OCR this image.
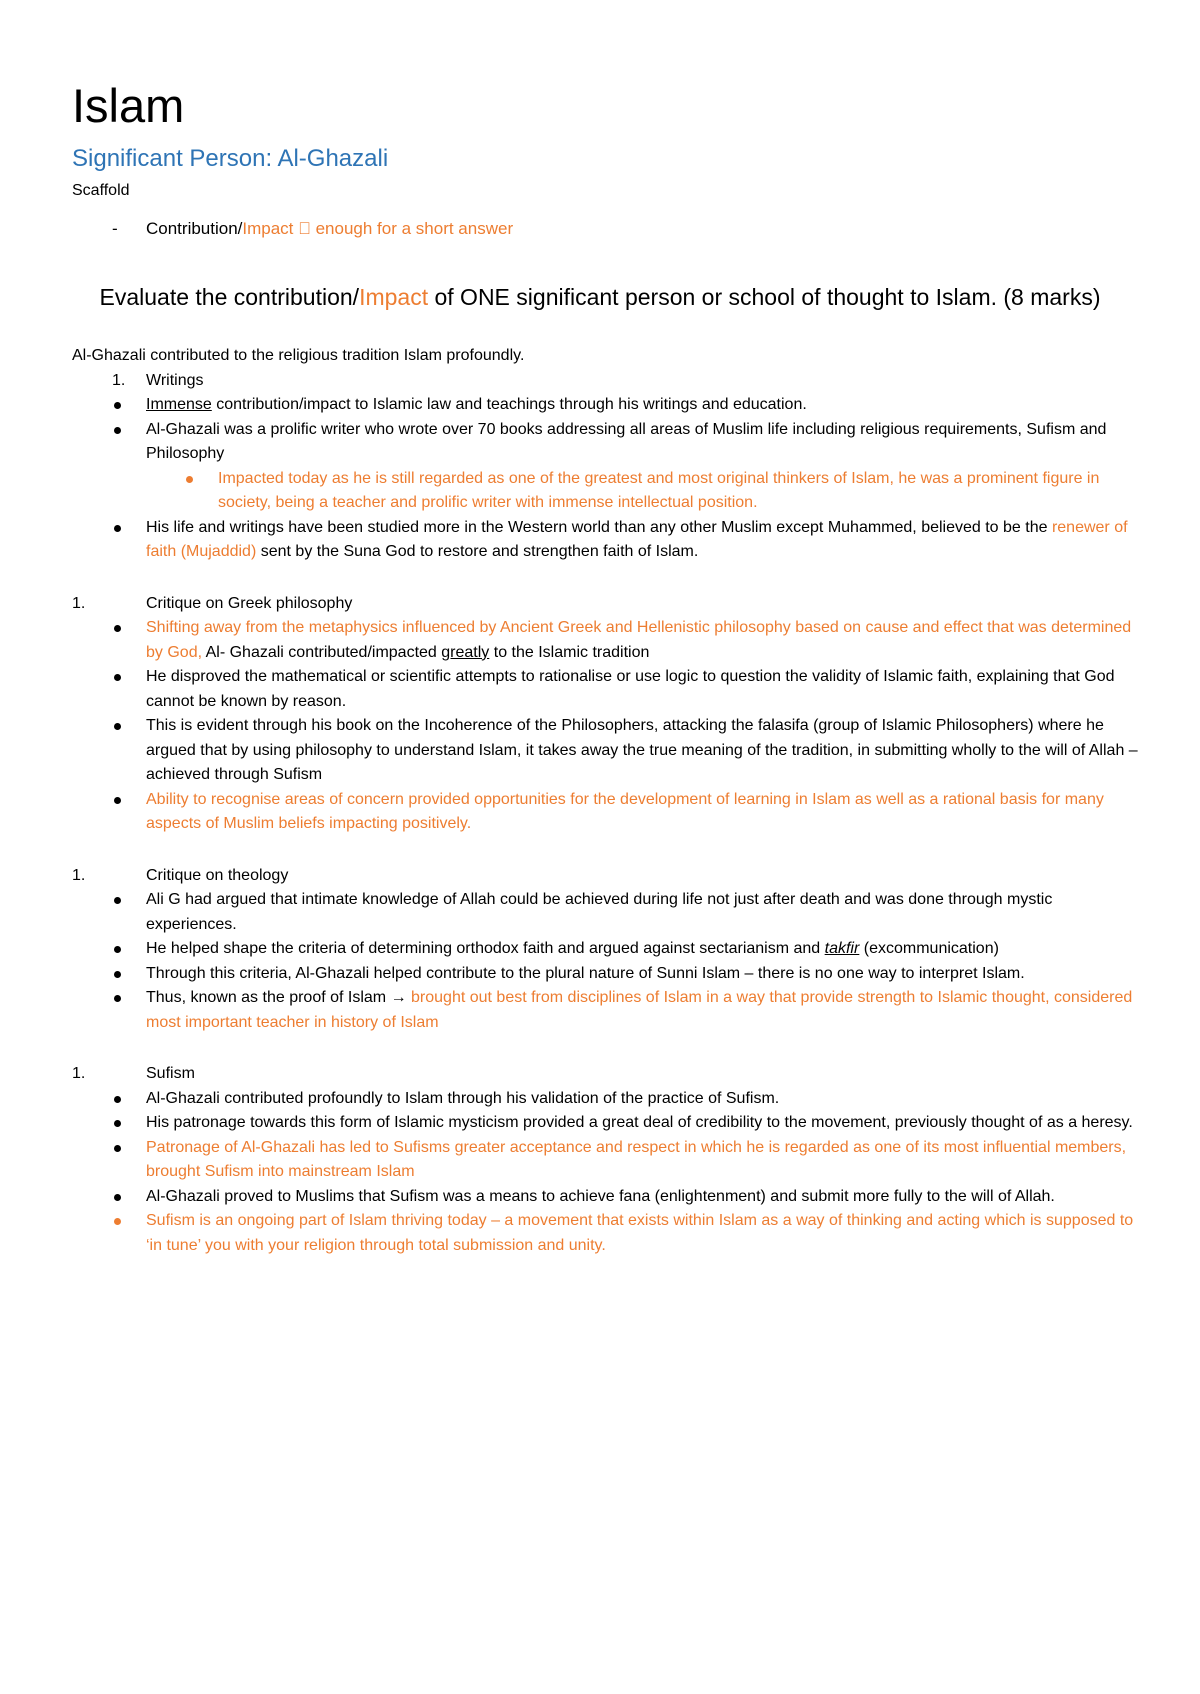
Islam
Significant Person: Al-Ghazali
Scaffold
- Contribution/Impact enough for a short answer
Evaluate the contribution/Impact of ONE significant person or school of thought to Islam. (8 marks)

Al-Ghazali contributed to the religious tradition Islam profoundly.

1. Writings
Immense contribution/impact to Islamic law and teachings through his writings and education.
Al-Ghazali was a prolific writer who wrote over 70 books addressing all areas of Muslim life including religious requirements, Sufism and Philosophy
Impacted today as he is still regarded as one of the greatest and most original thinkers of Islam, he was a prominent figure in society, being a teacher and prolific writer with immense intellectual position.
His life and writings have been studied more in the Western world than any other Muslim except Muhammed, believed to be the renewer of faith (Mujaddid) sent by the Suna God to restore and strengthen faith of Islam.
1.	Critique on Greek philosophy
Shifting away from the metaphysics influenced by Ancient Greek and Hellenistic philosophy based on cause and effect that was determined by God, Al- Ghazali contributed/impacted greatly to the Islamic tradition
He disproved the mathematical or scientific attempts to rationalise or use logic to question the validity of Islamic faith, explaining that God cannot be known by reason.
This is evident through his book on the Incoherence of the Philosophers, attacking the falasifa (group of Islamic Philosophers) where he argued that by using philosophy to understand Islam, it takes away the true meaning of the tradition, in submitting wholly to the will of Allah – achieved through Sufism
Ability to recognise areas of concern provided opportunities for the development of learning in Islam as well as a rational basis for many aspects of Muslim beliefs impacting positively.
1.	Critique on theology
Ali G had argued that intimate knowledge of Allah could be achieved during life not just after death and was done through mystic experiences.
He helped shape the criteria of determining orthodox faith and argued against sectarianism and takfir (excommunication)
Through this criteria, Al-Ghazali helped contribute to the plural nature of Sunni Islam – there is no one way to interpret Islam.
Thus, known as the proof of Islam → brought out best from disciplines of Islam in a way that provide strength to Islamic thought, considered most important teacher in history of Islam
1.	Sufism
Al-Ghazali contributed profoundly to Islam through his validation of the practice of Sufism.
His patronage towards this form of Islamic mysticism provided a great deal of credibility to the movement, previously thought of as a heresy.
Patronage of Al-Ghazali has led to Sufisms greater acceptance and respect in which he is regarded as one of its most influential members, brought Sufism into mainstream Islam
Al-Ghazali proved to Muslims that Sufism was a means to achieve fana (enlightenment) and submit more fully to the will of Allah.
Sufism is an ongoing part of Islam thriving today – a movement that exists within Islam as a way of thinking and acting which is supposed to ‘in tune’ you with your religion through total submission and unity.
